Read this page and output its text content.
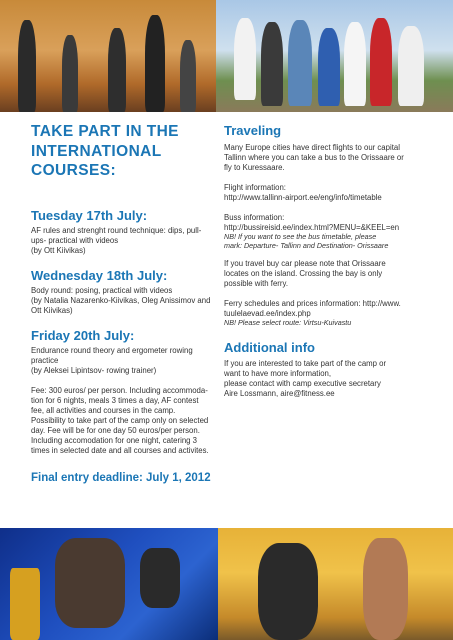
TAKE PART IN THE INTERNATIONAL COURSES:
Tuesday 17th July:

AF rules and strenght round technique: dips, pull-

ups- practical with videos

(by Ott Kiivikas)

Wednesday 18th July:

Body round: posing, practical with videos

(by Natalia Nazarenko-Kiivikas, Oleg Anissimov and

Ott Kiivikas)

Friday 20th July:

Endurance round theory and ergometer rowing

practice

(by Aleksei Lipintsov- rowing trainer)

Fee: 300 euros/ per person. Including accommoda-

tion for 6 nights, meals 3 times a day, AF contest

fee, all activities and courses in the camp.

Possibility to take part of the camp only on selected

day. Fee will be for one day 50 euros/per person.

Including accomodation for one night, catering 3

times in selected date and all courses and activites.

Final entry deadline: July 1, 2012
Traveling

Many Europe cities have direct flights to our capital

Tallinn where you can take a bus to the Orissaare or

fly to Kuressaare.

Flight information:

http://www.tallinn-airport.ee/eng/info/timetable

Buss information:

http://bussireisid.ee/index.html?MENU=&KEEL=en

NB! If you want to see the bus timetable, please

mark: Departure- Tallinn and Destination- Orissaare

If you travel buy car please note that Orissaare

locates on the island. Crossing the bay is only

possible with ferry.

Ferry schedules and prices information: http://www.

tuulelaevad.ee/index.php

NB! Please select route: Virtsu-Kuivastu

Additional info

If you are interested to take part of the camp or

want to have more information,

please contact with camp executive secretary

Aire Lossmann, aire@fitness.ee
